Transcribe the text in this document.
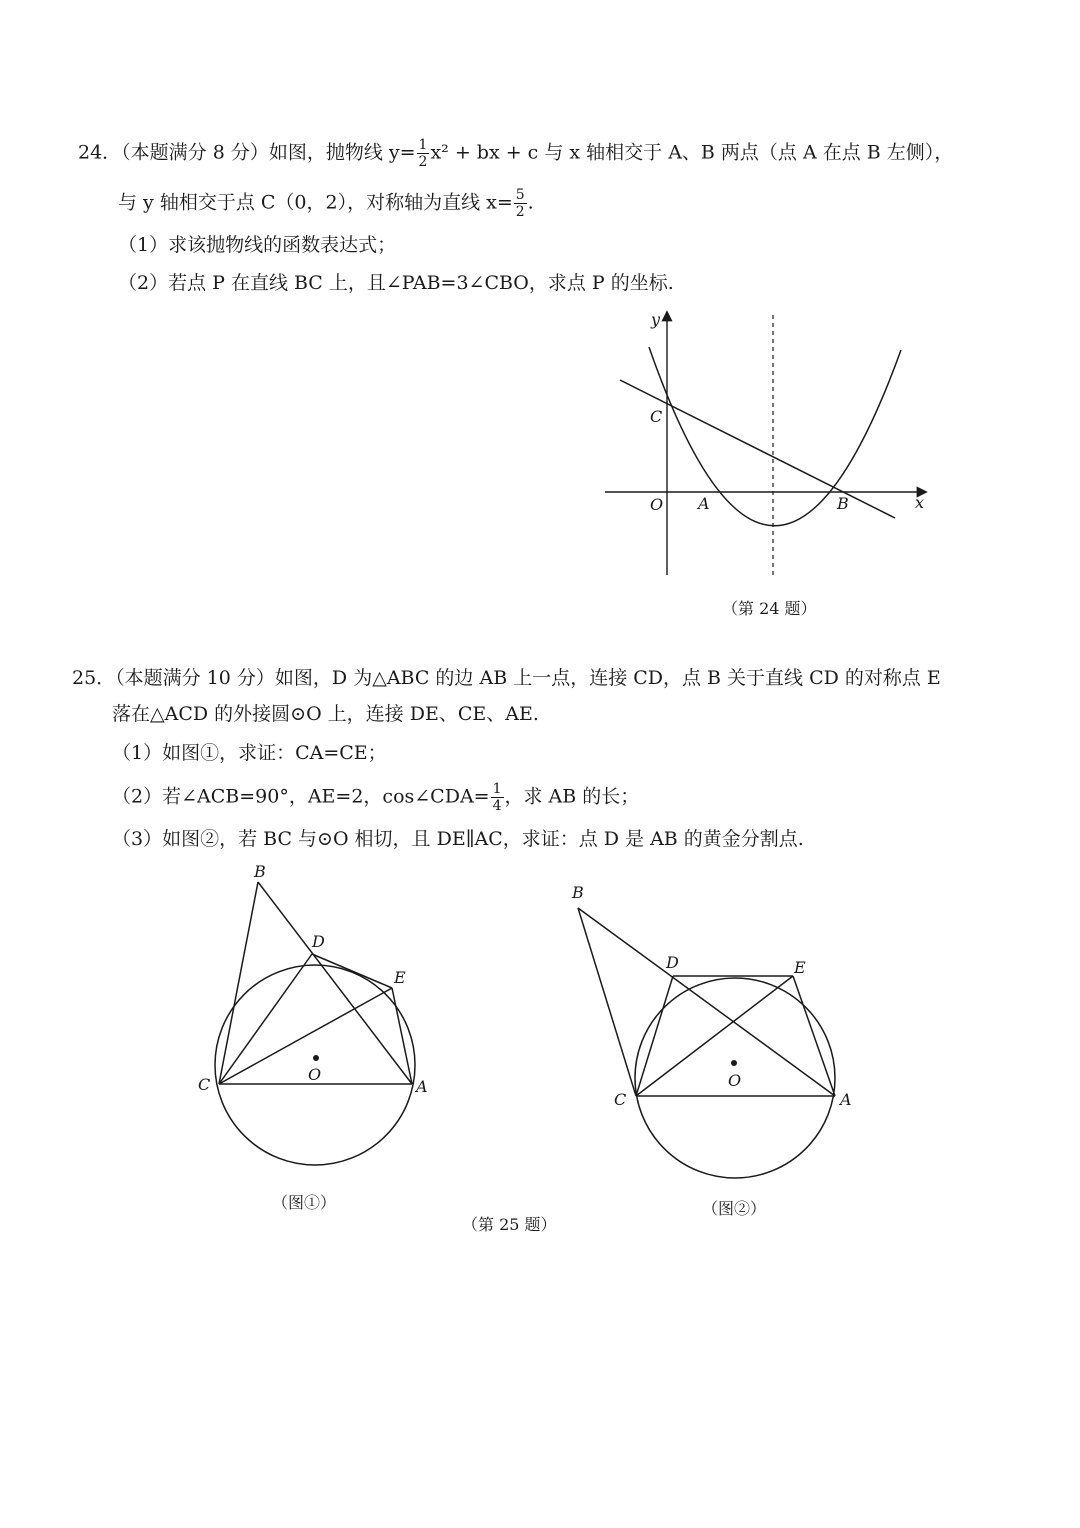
24．（本题满分 8 分）如图，抛物线 $y= \frac{1}{2} x^2$ + bx + c 与 x 轴相交于 A、B 两点（点 A 在点 B 左侧），
与 y 轴相交于点 C（0，2），对称轴为直线 $x= \frac{5}{2}$ .
（1）求该抛物线的函数表达式；
（2）若点 P 在直线 BC 上，且∠PAB=3∠CBO，求点 P 的坐标.
y
x
O A	B
C
（第 24 题）
25．（本题满分 10 分）如图，D 为△ABC 的边 AB 上一点，连接 CD，点 B 关于直线 CD 的对称点 E
落在△ACD 的外接圆⊙O 上，连接 DE、CE、AE.
（1）如图①，求证：CA=CE；
（2）若∠ACB=90°，AE=2，cos∠CDA= $\frac{1}{4}$ ，求 AB 的长；
（3）如图②，若 BC 与⊙O 相切，且 DE∥AC，求证：点 D 是 AB 的黄金分割点.
B
D
E
C
O
A
（图①）
B
D	E
C
O
A
（图②）
（第 25 题）
